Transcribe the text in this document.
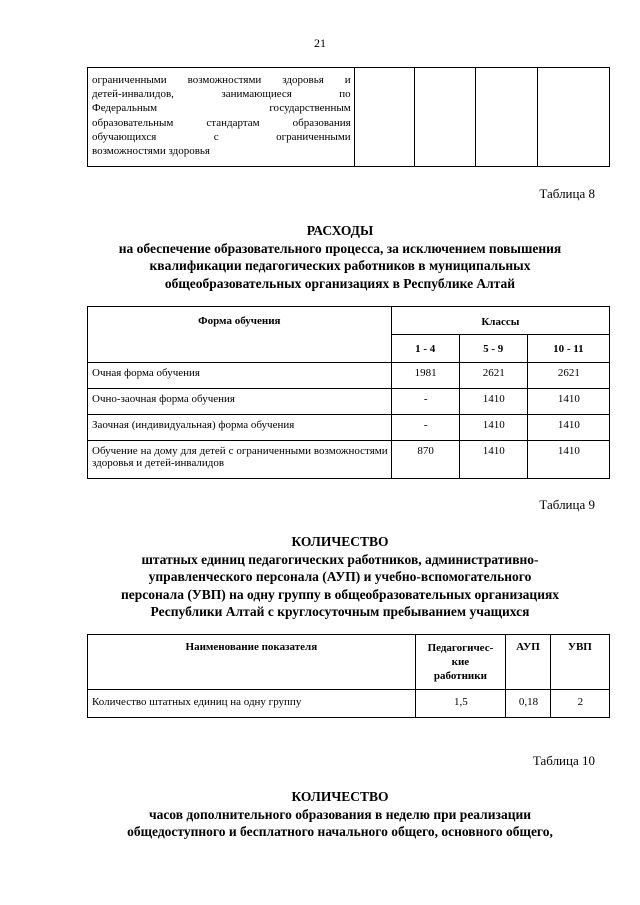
21
ограниченными возможностями здоровья и
детей-инвалидов, занимающиеся по
Федеральным государственным
образовательным стандартам образования
обучающихся с ограниченными
возможностями здоровья

Таблица 8
РАСХОДЫ
на обеспечение образовательного процесса, за исключением повышения
квалификации педагогических работников в муниципальных
общеобразовательных организациях в Республике Алтай
Форма обучения	Классы		
	1 - 4	5 - 9	10 - 11
Очная форма обучения	1981	2621	2621
Очно-заочная форма обучения	-	1410	1410
Заочная (индивидуальная) форма обучения	-	1410	1410
Обучение на дому для детей с ограниченными возможностями здоровья и детей-инвалидов	870	1410	1410
Таблица 9
КОЛИЧЕСТВО
штатных единиц педагогических работников, административно-
управленческого персонала (АУП) и учебно-вспомогательного
персонала (УВП) на одну группу в общеобразовательных организациях
Республики Алтай с круглосуточным пребыванием учащихся
Наименование показателя	Педагогичес-
кие
работники	АУП	УВП
Количество штатных единиц на одну группу	1,5	0,18	2
Таблица 10
КОЛИЧЕСТВО
часов дополнительного образования в неделю при реализации
общедоступного и бесплатного начального общего, основного общего,
